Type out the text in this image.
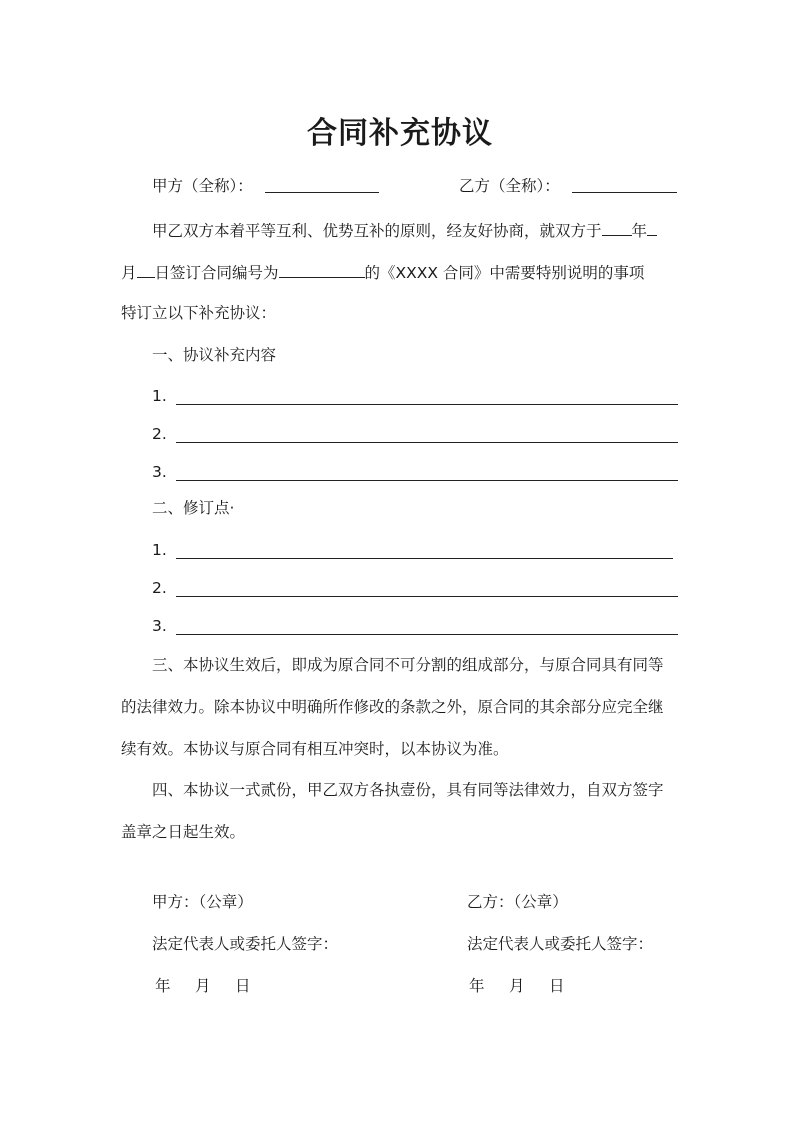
合同补充协议
甲方（全称）：	乙方（全称）：
甲乙双方本着平等互利、优势互补的原则，经友好协商，就双方于 年
月 日签订合同编号为	的《XXXX 合同》中需要特别说明的事项
特订立以下补充协议：
一、协议补充内容
1.
2.
3.
二、修订点·
1.
2.
3.
三、本协议生效后，即成为原合同不可分割的组成部分，与原合同具有同等
的法律效力。除本协议中明确所作修改的条款之外，原合同的其余部分应完全继
续有效。本协议与原合同有相互冲突时，以本协议为准。
四、本协议一式贰份，甲乙双方各执壹份，具有同等法律效力，自双方签字
盖章之日起生效。
甲方：（公章）	乙方：（公章）
法定代表人或委托人签字：	法定代表人或委托人签字：
年 月 日	年 月 日
